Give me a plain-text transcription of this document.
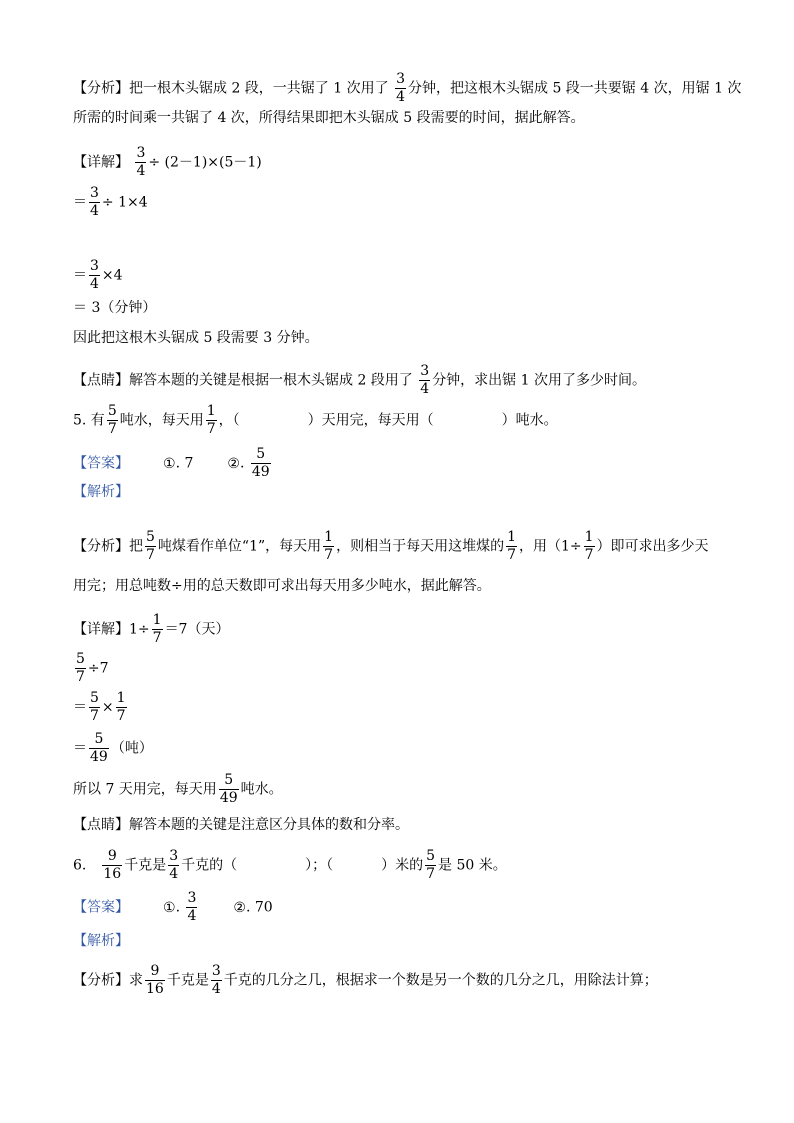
【分析】把一根木头锯成 2 段，一共锯了 1 次用了 $\frac{3}{4}$ 分钟，把这根木头锯成 5 段一共要锯 4 次，用锯 1 次
所需的时间乘一共锯了 4 次，所得结果即把木头锯成 5 段需要的时间，据此解答。
【详解】 $\frac{3}{4} \div (2-1)\times(5-1)$
＝ $\frac{3}{4} \div 1\times 4$
＝ $\frac{3}{4} \times 4$
＝ 3（分钟）
因此把这根木头锯成 5 段需要 3 分钟。
【点睛】解答本题的关键是根据一根木头锯成 2 段用了 $\frac{3}{4}$ 分钟，求出锯 1 次用了多少时间。
5. 有 $\frac{5}{7}$ 吨水，每天用 $\frac{1}{7}$ ，（	）天用完，每天用（	）吨水。
【答案】 ①. 7 ②. $\frac{5}{49}$
【解析】
【分析】把 $\frac{5}{7}$ 吨煤看作单位“1”，每天用 $\frac{1}{7}$ ，则相当于每天用这堆煤的 $\frac{1}{7}$ ，用（$1\div \frac{1}{7}$ ）即可求出多少天
用完；用总吨数÷用的总天数即可求出每天用多少吨水，据此解答。
【详解】$1\div \frac{1}{7} =7$（天）
$\frac{5}{7} \div 7$
＝ $\frac{5}{7} \times \frac{1}{7}$
＝ $\frac{5}{49}$ （吨）
所以 7 天用完，每天用 $\frac{5}{49}$ 吨水。
【点睛】解答本题的关键是注意区分具体的数和分率。
6. $\frac{9}{16}$ 千克是 $\frac{3}{4}$ 千克的（	）；（	）米的 $\frac{5}{7}$ 是 50 米。
【答案】 ①. $\frac{3}{4}$	②. 70
【解析】
【分析】求 $\frac{9}{16}$ 千克是 $\frac{3}{4}$ 千克的几分之几，根据求一个数是另一个数的几分之几，用除法计算；
